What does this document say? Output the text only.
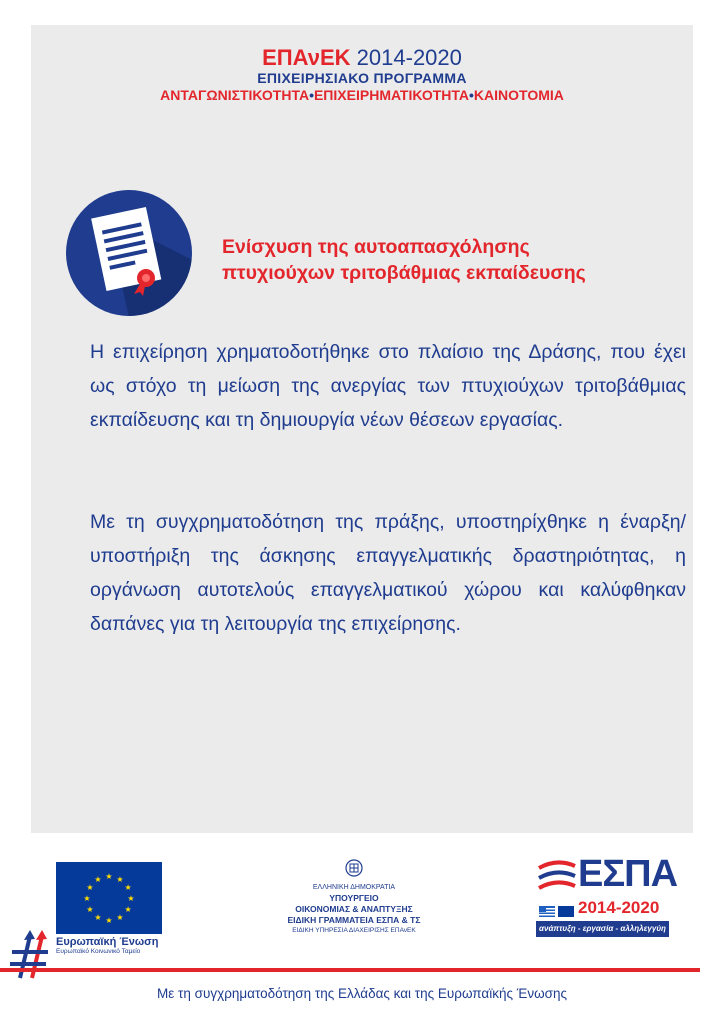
ΕΠΑνΕΚ 2014-2020
ΕΠΙΧΕΙΡΗΣΙΑΚΟ ΠΡΟΓΡΑΜΜΑ
ΑΝΤΑΓΩΝΙΣΤΙΚΟΤΗΤΑ•ΕΠΙΧΕΙΡΗΜΑΤΙΚΟΤΗΤΑ•ΚΑΙΝΟΤΟΜΙΑ
Ενίσχυση της αυτοαπασχόλησης
πτυχιούχων τριτοβάθμιας εκπαίδευσης
Η επιχείρηση χρηματοδοτήθηκε στο πλαίσιο της Δράσης, που έχει ως στόχο τη μείωση της ανεργίας των πτυχιούχων τριτοβάθμιας εκπαίδευσης και τη δημιουργία νέων θέσεων εργασίας.
Με τη συγχρηματοδότηση της πράξης, υποστηρίχθηκε η έναρξη/υποστήριξη της άσκησης επαγγελματικής δραστηριότητας, η οργάνωση αυτοτελούς επαγγελματικού χώρου και καλύφθηκαν δαπάνες για τη λειτουργία της επιχείρησης.
★
★
★
★
★
★
★
★
★ ★ ★
★
Ευρωπαϊκή Ένωση
Ευρωπαϊκό Κοινωνικό Ταμείο
ΕΛΛΗΝΙΚΗ ΔΗΜΟΚΡΑΤΙΑ
ΥΠΟΥΡΓΕΙΟ
ΟΙΚΟΝΟΜΙΑΣ & ΑΝΑΠΤΥΞΗΣ
ΕΙΔΙΚΗ ΓΡΑΜΜΑΤΕΙΑ ΕΣΠΑ & ΤΣ
ΕΙΔΙΚΗ ΥΠΗΡΕΣΙΑ ΔΙΑΧΕΙΡΙΣΗΣ ΕΠΑνΕΚ
ΕΣΠΑ
2014-2020
ανάπτυξη - εργασία - αλληλεγγύη
Με τη συγχρηματοδότηση της Ελλάδας και της Ευρωπαϊκής Ένωσης
